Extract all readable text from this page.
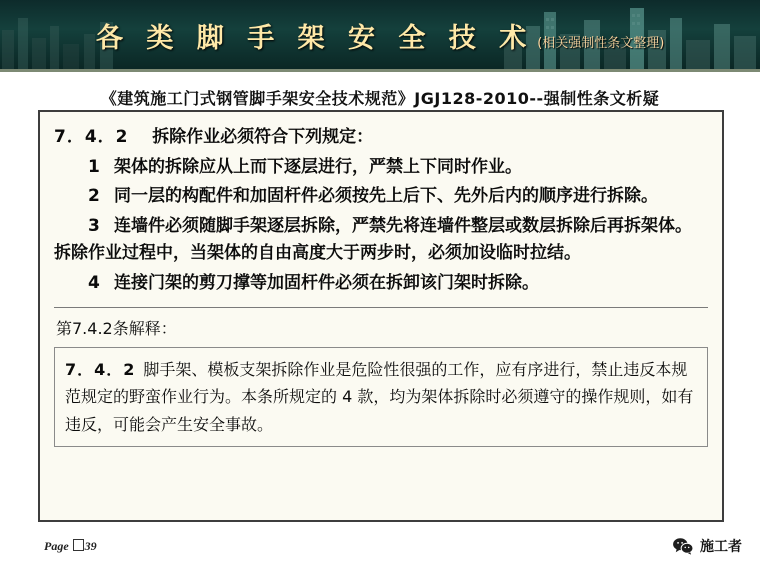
各 类 脚 手 架 安 全 技 术 (相关强制性条文整理)
《建筑施工门式钢管脚手架安全技术规范》JGJ128-2010--强制性条文析疑

7．4．2 拆除作业必须符合下列规定：

1 架体的拆除应从上而下逐层进行，严禁上下同时作业。

2 同一层的构配件和加固杆件必须按先上后下、先外后内的顺序进行拆除。

3 连墙件必须随脚手架逐层拆除，严禁先将连墙件整层或数层拆除后再拆架体。拆除作业过程中，当架体的自由高度大于两步时，必须加设临时拉结。

4 连接门架的剪刀撑等加固杆件必须在拆卸该门架时拆除。

第7.4.2条解释：
7．4．2 脚手架、模板支架拆除作业是危险性很强的工作，应有序进行，禁止违反本规范规定的野蛮作业行为。本条所规定的 4 款，均为架体拆除时必须遵守的操作规则，如有违反，可能会产生安全事故。
Page 39	施工者
